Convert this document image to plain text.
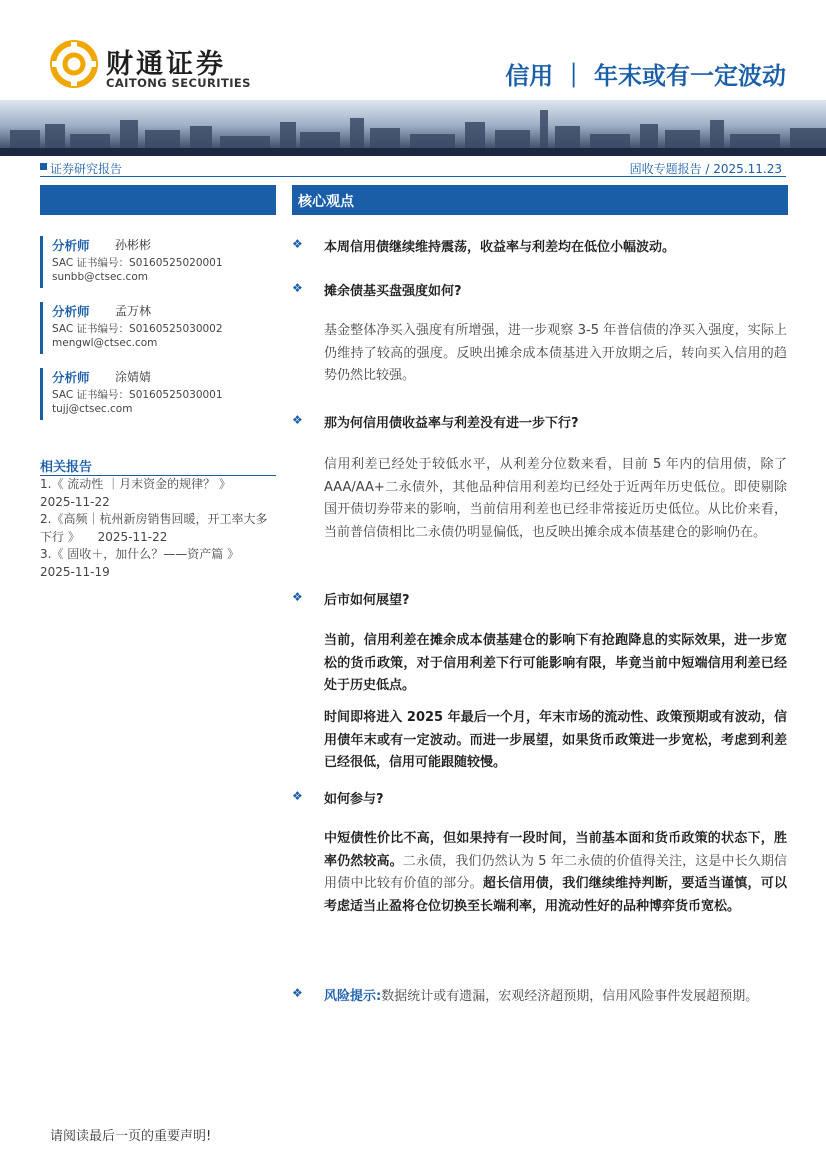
财通证券
CAITONG SECURITIES	信用 ｜ 年末或有一定波动
证券研究报告	固收专题报告 / 2025.11.23
分析师 孙彬彬
SAC 证书编号：S0160525020001
sunbb@ctsec.com
分析师 孟万林
SAC 证书编号：S0160525030002
mengwl@ctsec.com
分析师 涂婧婧
SAC 证书编号：S0160525030001
tujj@ctsec.com
相关报告
1.《 流动性 ｜月末资金的规律？ 》
2025-11-22
2.《高频｜杭州新房销售回暖，开工率大多下行 》 2025-11-22
3.《 固收＋，加什么？——资产篇 》
2025-11-19
核心观点
❖ 本周信用债继续维持震荡，收益率与利差均在低位小幅波动。
❖ 摊余债基买盘强度如何?
基金整体净买入强度有所增强，进一步观察 3-5 年普信债的净买入强度，实际上仍维持了较高的强度。反映出摊余成本债基进入开放期之后，转向买入信用的趋势仍然比较强。
❖ 那为何信用债收益率与利差没有进一步下行?
信用利差已经处于较低水平，从利差分位数来看，目前 5 年内的信用债，除了 AAA/AA+二永债外，其他品种信用利差均已经处于近两年历史低位。即使剔除国开债切券带来的影响，当前信用利差也已经非常接近历史低位。从比价来看，当前普信债相比二永债仍明显偏低，也反映出摊余成本债基建仓的影响仍在。
❖ 后市如何展望?
当前，信用利差在摊余成本债基建仓的影响下有抢跑降息的实际效果，进一步宽松的货币政策，对于信用利差下行可能影响有限，毕竟当前中短端信用利差已经处于历史低点。
时间即将进入 2025 年最后一个月，年末市场的流动性、政策预期或有波动，信用债年末或有一定波动。而进一步展望，如果货币政策进一步宽松，考虑到利差已经很低，信用可能跟随较慢。
❖ 如何参与?
中短债性价比不高，但如果持有一段时间，当前基本面和货币政策的状态下，胜率仍然较高。二永债，我们仍然认为 5 年二永债的价值得关注，这是中长久期信用债中比较有价值的部分。超长信用债，我们继续维持判断，要适当谨慎，可以考虑适当止盈将仓位切换至长端利率，用流动性好的品种博弈货币宽松。
❖ 风险提示:数据统计或有遗漏，宏观经济超预期，信用风险事件发展超预期。
请阅读最后一页的重要声明!
